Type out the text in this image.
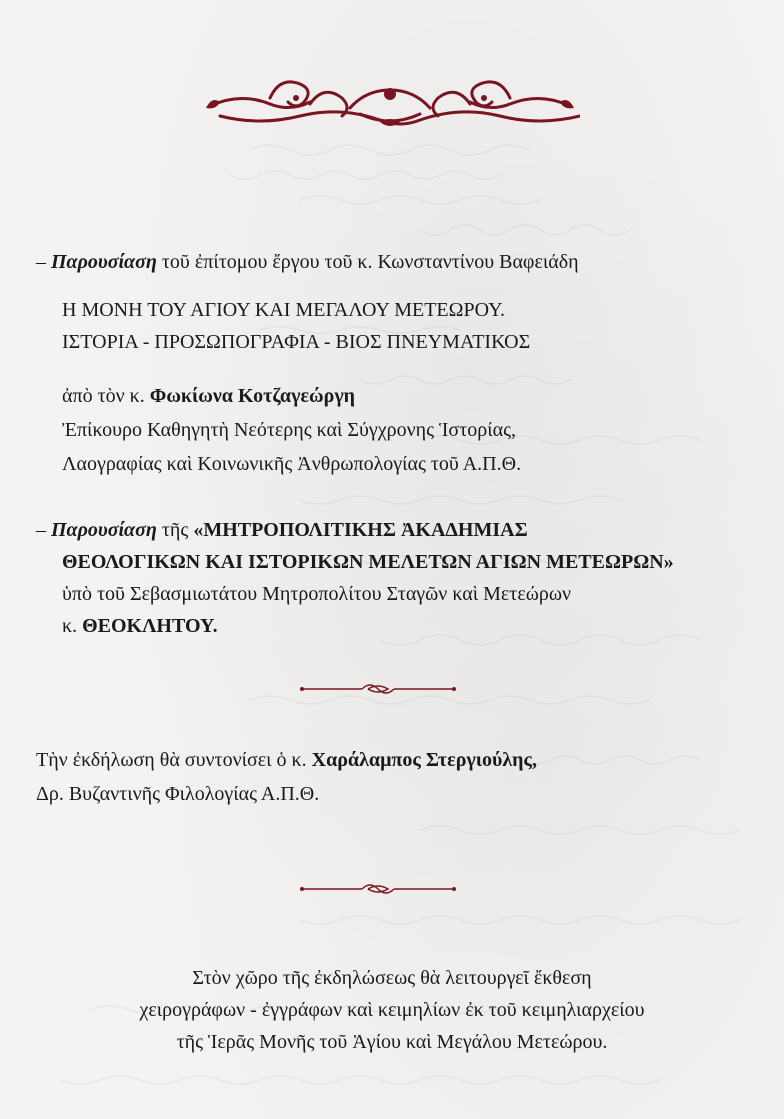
– Παρουσίαση τοῦ ἐπίτομου ἔργου τοῦ κ. Κωνσταντίνου Βαφειάδη
Η ΜΟΝΗ ΤΟΥ ΑΓΙΟΥ ΚΑΙ ΜΕΓΑΛΟΥ ΜΕΤΕΩΡΟΥ.
ΙΣΤΟΡΙΑ - ΠΡΟΣΩΠΟΓΡΑΦΙΑ - ΒΙΟΣ ΠΝΕΥΜΑΤΙΚΟΣ
ἀπὸ τὸν κ. Φωκίωνα Κοτζαγεώργη
Ἐπίκουρο Καθηγητὴ Νεότερης καὶ Σύγχρονης Ἱστορίας,
Λαογραφίας καὶ Κοινωνικῆς Ἀνθρωπολογίας τοῦ Α.Π.Θ.
– Παρουσίαση τῆς «ΜΗΤΡΟΠΟΛΙΤΙΚΗΣ ἈΚΑΔΗΜΙΑΣ
ΘΕΟΛΟΓΙΚΩΝ ΚΑΙ ΙΣΤΟΡΙΚΩΝ ΜΕΛΕΤΩΝ ΑΓΙΩΝ ΜΕΤΕΩΡΩΝ»
ὑπὸ τοῦ Σεβασμιωτάτου Μητροπολίτου Σταγῶν καὶ Μετεώρων
κ. ΘΕΟΚΛΗΤΟΥ.
Τὴν ἐκδήλωση θὰ συντονίσει ὁ κ. Χαράλαμπος Στεργιούλης,
Δρ. Βυζαντινῆς Φιλολογίας Α.Π.Θ.
Στὸν χῶρο τῆς ἐκδηλώσεως θὰ λειτουργεῖ ἔκθεση
χειρογράφων - ἐγγράφων καὶ κειμηλίων ἐκ τοῦ κειμηλιαρχείου
τῆς Ἱερᾶς Μονῆς τοῦ Ἁγίου καὶ Μεγάλου Μετεώρου.
